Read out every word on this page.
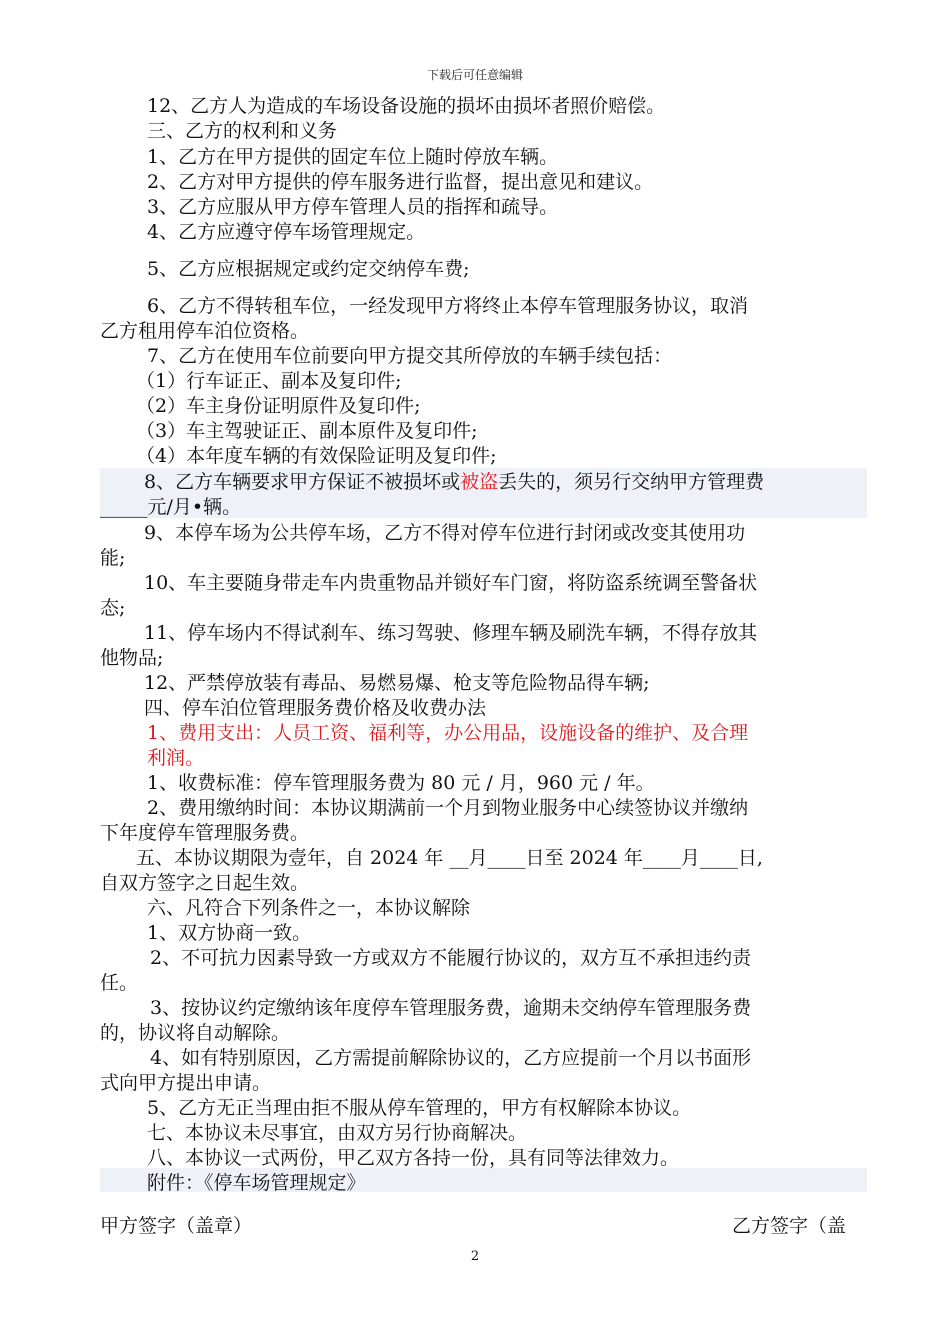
下载后可任意编辑
12、乙方人为造成的车场设备设施的损坏由损坏者照价赔偿。
三、乙方的权利和义务
1、乙方在甲方提供的固定车位上随时停放车辆。
2、乙方对甲方提供的停车服务进行监督，提出意见和建议。
3、乙方应服从甲方停车管理人员的指挥和疏导。
4、乙方应遵守停车场管理规定。
5、乙方应根据规定或约定交纳停车费;
6、乙方不得转租车位，一经发现甲方将终止本停车管理服务协议，取消
乙方租用停车泊位资格。
7、乙方在使用车位前要向甲方提交其所停放的车辆手续包括：
（1）行车证正、副本及复印件;
（2）车主身份证明原件及复印件;
（3）车主驾驶证正、副本原件及复印件;
（4）本年度车辆的有效保险证明及复印件;
8、乙方车辆要求甲方保证不被损坏或被盗丢失的，须另行交纳甲方管理费
_____元/月•辆。
9、本停车场为公共停车场，乙方不得对停车位进行封闭或改变其使用功
能;
10、车主要随身带走车内贵重物品并锁好车门窗，将防盗系统调至警备状
态;
11、停车场内不得试刹车、练习驾驶、修理车辆及刷洗车辆，不得存放其
他物品;
12、严禁停放装有毒品、易燃易爆、枪支等危险物品得车辆;
四、停车泊位管理服务费价格及收费办法
1、费用支出：人员工资、福利等，办公用品，设施设备的维护、及合理
利润。
1、收费标准：停车管理服务费为 80 元 / 月，960 元 / 年。
2、费用缴纳时间：本协议期满前一个月到物业服务中心续签协议并缴纳
下年度停车管理服务费。
五、本协议期限为壹年，自 2024 年 __月____日至 2024 年____月____日,
自双方签字之日起生效。
六、凡符合下列条件之一，本协议解除
1、双方协商一致。
2、不可抗力因素导致一方或双方不能履行协议的，双方互不承担违约责
任。
3、按协议约定缴纳该年度停车管理服务费，逾期未交纳停车管理服务费
的，协议将自动解除。
4、如有特别原因，乙方需提前解除协议的，乙方应提前一个月以书面形
式向甲方提出申请。
5、乙方无正当理由拒不服从停车管理的，甲方有权解除本协议。
七、本协议未尽事宜，由双方另行协商解决。
八、本协议一式两份，甲乙双方各持一份，具有同等法律效力。
附件：《停车场管理规定》
甲方签字（盖章）	乙方签字（盖
2
